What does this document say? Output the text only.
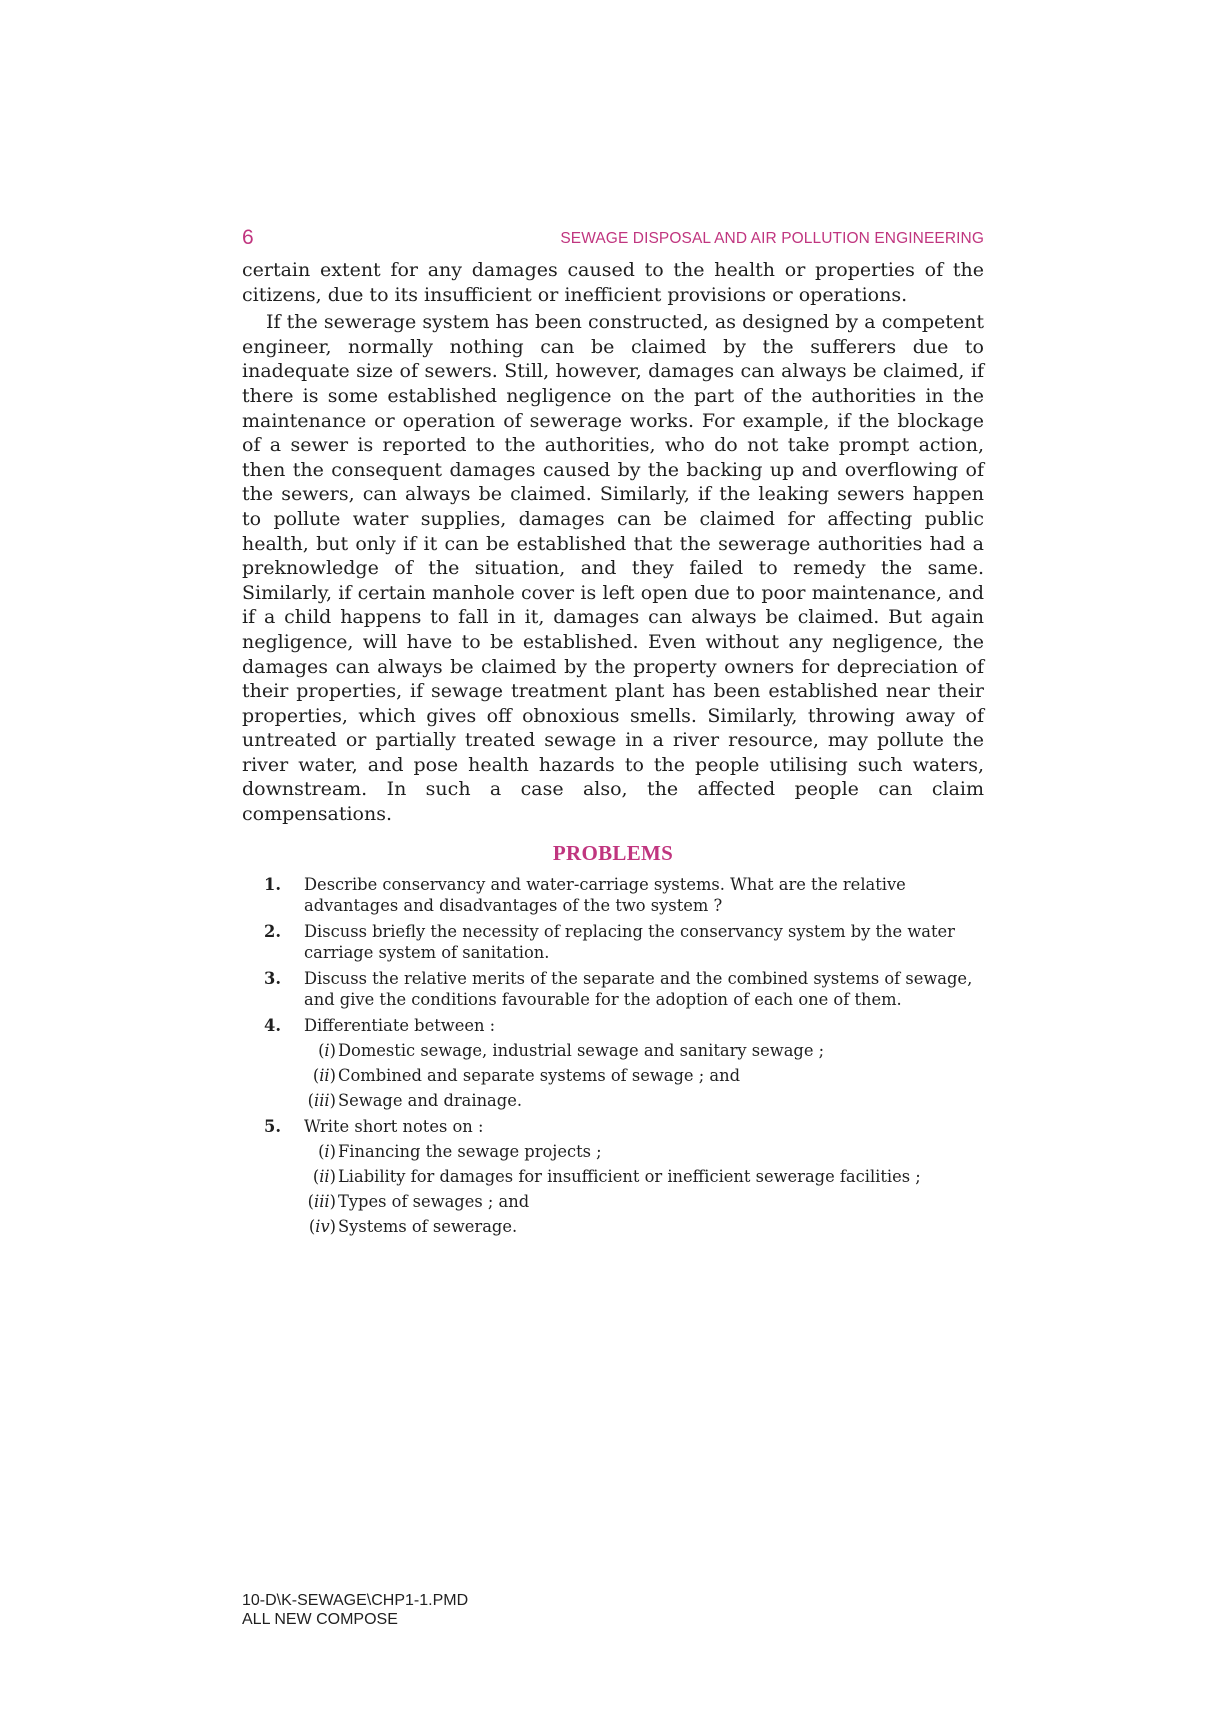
6	SEWAGE DISPOSAL AND AIR POLLUTION ENGINEERING

certain extent for any damages caused to the health or properties of the citizens, due to its insufficient or inefficient provisions or operations.

If the sewerage system has been constructed, as designed by a competent engineer, normally nothing can be claimed by the sufferers due to inadequate size of sewers. Still, however, damages can always be claimed, if there is some established negligence on the part of the authorities in the maintenance or operation of sewerage works. For example, if the blockage of a sewer is reported to the authorities, who do not take prompt action, then the consequent damages caused by the backing up and overflowing of the sewers, can always be claimed. Similarly, if the leaking sewers happen to pollute water supplies, damages can be claimed for affecting public health, but only if it can be established that the sewerage authorities had a preknowledge of the situation, and they failed to remedy the same. Similarly, if certain manhole cover is left open due to poor maintenance, and if a child happens to fall in it, damages can always be claimed. But again negligence, will have to be established. Even without any negligence, the damages can always be claimed by the property owners for depreciation of their properties, if sewage treatment plant has been established near their properties, which gives off obnoxious smells. Similarly, throwing away of untreated or partially treated sewage in a river resource, may pollute the river water, and pose health hazards to the people utilising such waters, downstream. In such a case also, the affected people can claim compensations.

PROBLEMS
1. Describe conservancy and water-carriage systems. What are the relative advantages and disadvantages of the two system ?
2. Discuss briefly the necessity of replacing the conservancy system by the water carriage system of sanitation.
3. Discuss the relative merits of the separate and the combined systems of sewage, and give the conditions favourable for the adoption of each one of them.
4. Differentiate between :
(i) Domestic sewage, industrial sewage and sanitary sewage ;
(ii) Combined and separate systems of sewage ; and
(iii) Sewage and drainage.
5. Write short notes on :
(i) Financing the sewage projects ;
(ii) Liability for damages for insufficient or inefficient sewerage facilities ;
(iii) Types of sewages ; and
(iv) Systems of sewerage.
10-D\K-SEWAGE\CHP1-1.PMD
ALL NEW COMPOSE
